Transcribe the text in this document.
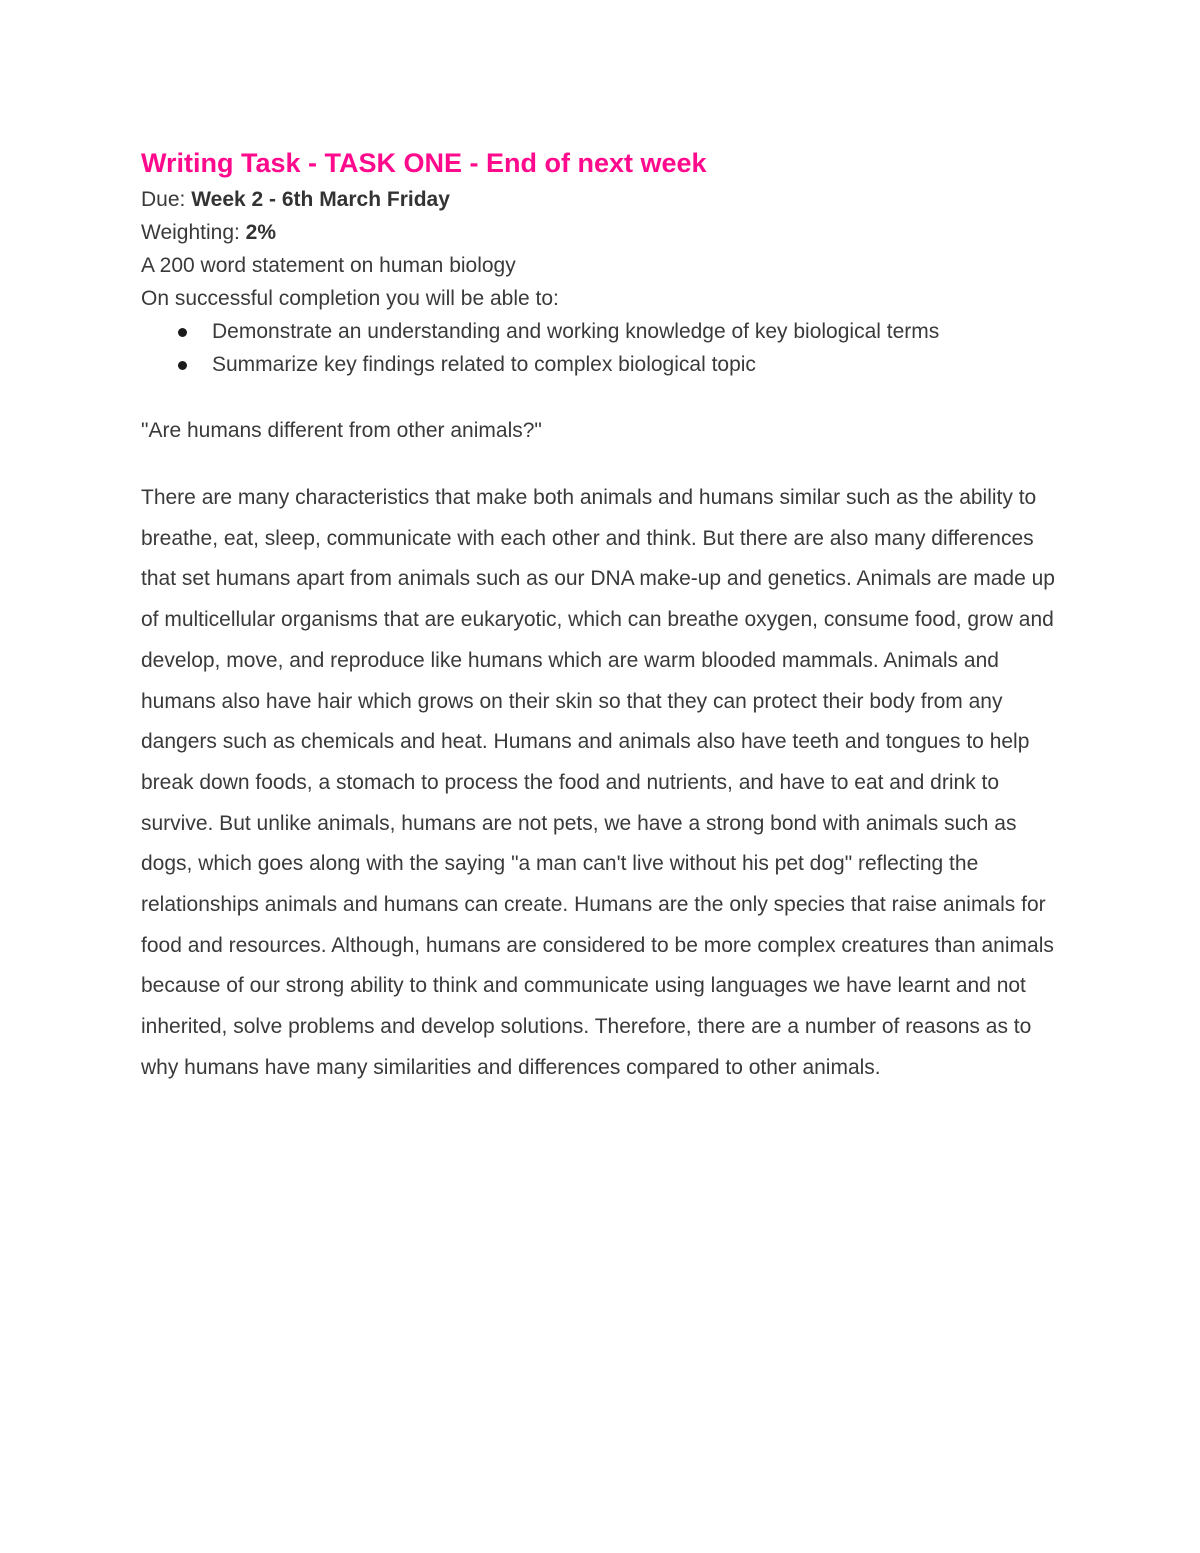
Writing Task - TASK ONE - End of next week

Due: Week 2 - 6th March Friday

Weighting: 2%

A 200 word statement on human biology

On successful completion you will be able to:

Demonstrate an understanding and working knowledge of key biological terms
Summarize key findings related to complex biological topic

"Are humans different from other animals?"

There are many characteristics that make both animals and humans similar such as the ability to breathe, eat, sleep, communicate with each other and think. But there are also many differences that set humans apart from animals such as our DNA make-up and genetics. Animals are made up of multicellular organisms that are eukaryotic, which can breathe oxygen, consume food, grow and develop, move, and reproduce like humans which are warm blooded mammals. Animals and humans also have hair which grows on their skin so that they can protect their body from any dangers such as chemicals and heat. Humans and animals also have teeth and tongues to help break down foods, a stomach to process the food and nutrients, and have to eat and drink to survive. But unlike animals, humans are not pets, we have a strong bond with animals such as dogs, which goes along with the saying "a man can't live without his pet dog" reflecting the relationships animals and humans can create. Humans are the only species that raise animals for food and resources. Although, humans are considered to be more complex creatures than animals because of our strong ability to think and communicate using languages we have learnt and not inherited, solve problems and develop solutions. Therefore, there are a number of reasons as to why humans have many similarities and differences compared to other animals.
